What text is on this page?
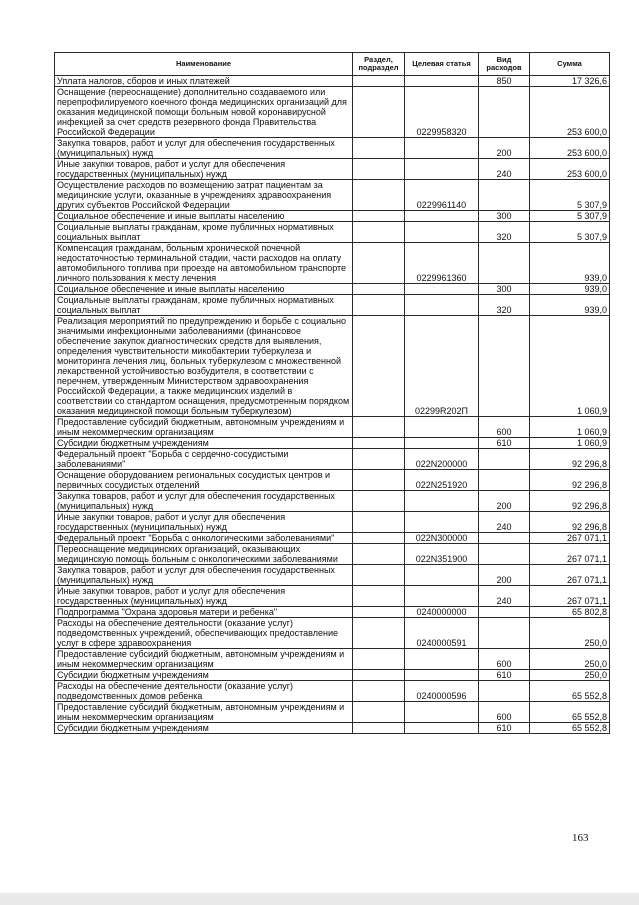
Наименование	Раздел, подраздел	Целевая статья	Вид расходов	Сумма
Уплата налогов, сборов и иных платежей			850	17 326,6
Оснащение (переоснащение) дополнительно создаваемого или перепрофилируемого коечного фонда медицинских организаций для оказания медицинской помощи больным новой коронавирусной инфекцией за счет средств резервного фонда Правительства Российской Федерации		0229958320		253 600,0
Закупка товаров, работ и услуг для обеспечения государственных (муниципальных) нужд			200	253 600,0
Иные закупки товаров, работ и услуг для обеспечения государственных (муниципальных) нужд			240	253 600,0
Осуществление расходов по возмещению затрат пациентам за медицинские услуги, оказанные в учреждениях здравоохранения других субъектов Российской Федерации		0229961140		5 307,9
Социальное обеспечение и иные выплаты населению			300	5 307,9
Социальные выплаты гражданам, кроме публичных нормативных социальных выплат			320	5 307,9
Компенсация гражданам, больным хронической почечной недостаточностью терминальной стадии, части расходов на оплату автомобильного топлива при проезде на автомобильном транспорте личного пользования к месту лечения		0229961360		939,0
Социальное обеспечение и иные выплаты населению			300	939,0
Социальные выплаты гражданам, кроме публичных нормативных социальных выплат			320	939,0
Реализация мероприятий по предупреждению и борьбе с социально значимыми инфекционными заболеваниями (финансовое обеспечение закупок диагностических средств для выявления, определения чувствительности микобактерии туберкулеза и мониторинга лечения лиц, больных туберкулезом с множественной лекарственной устойчивостью возбудителя, в соответствии с перечнем, утвержденным Министерством здравоохранения Российской Федерации, а также медицинских изделий в соответствии со стандартом оснащения, предусмотренным порядком оказания медицинской помощи больным туберкулезом)		02299R202П		1 060,9
Предоставление субсидий бюджетным, автономным учреждениям и иным некоммерческим организациям			600	1 060,9
Субсидии бюджетным учреждениям			610	1 060,9
Федеральный проект "Борьба с сердечно-сосудистыми заболеваниями"		022N200000		92 296,8
Оснащение оборудованием региональных сосудистых центров и первичных сосудистых отделений		022N251920		92 296,8
Закупка товаров, работ и услуг для обеспечения государственных (муниципальных) нужд			200	92 296,8
Иные закупки товаров, работ и услуг для обеспечения государственных (муниципальных) нужд			240	92 296,8
Федеральный проект "Борьба с онкологическими заболеваниями"		022N300000		267 071,1
Переоснащение медицинских организаций, оказывающих медицинскую помощь больным с онкологическими заболеваниями		022N351900		267 071,1
Закупка товаров, работ и услуг для обеспечения государственных (муниципальных) нужд			200	267 071,1
Иные закупки товаров, работ и услуг для обеспечения государственных (муниципальных) нужд			240	267 071,1
Подпрограмма "Охрана здоровья матери и ребенка"		0240000000		65 802,8
Расходы на обеспечение деятельности (оказание услуг) подведомственных учреждений, обеспечивающих предоставление услуг в сфере здравоохранения		0240000591		250,0
Предоставление субсидий бюджетным, автономным учреждениям и иным некоммерческим организациям			600	250,0
Субсидии бюджетным учреждениям			610	250,0
Расходы на обеспечение деятельности (оказание услуг) подведомственных домов ребенка		0240000596		65 552,8
Предоставление субсидий бюджетным, автономным учреждениям и иным некоммерческим организациям			600	65 552,8
Субсидии бюджетным учреждениям			610	65 552,8
163
